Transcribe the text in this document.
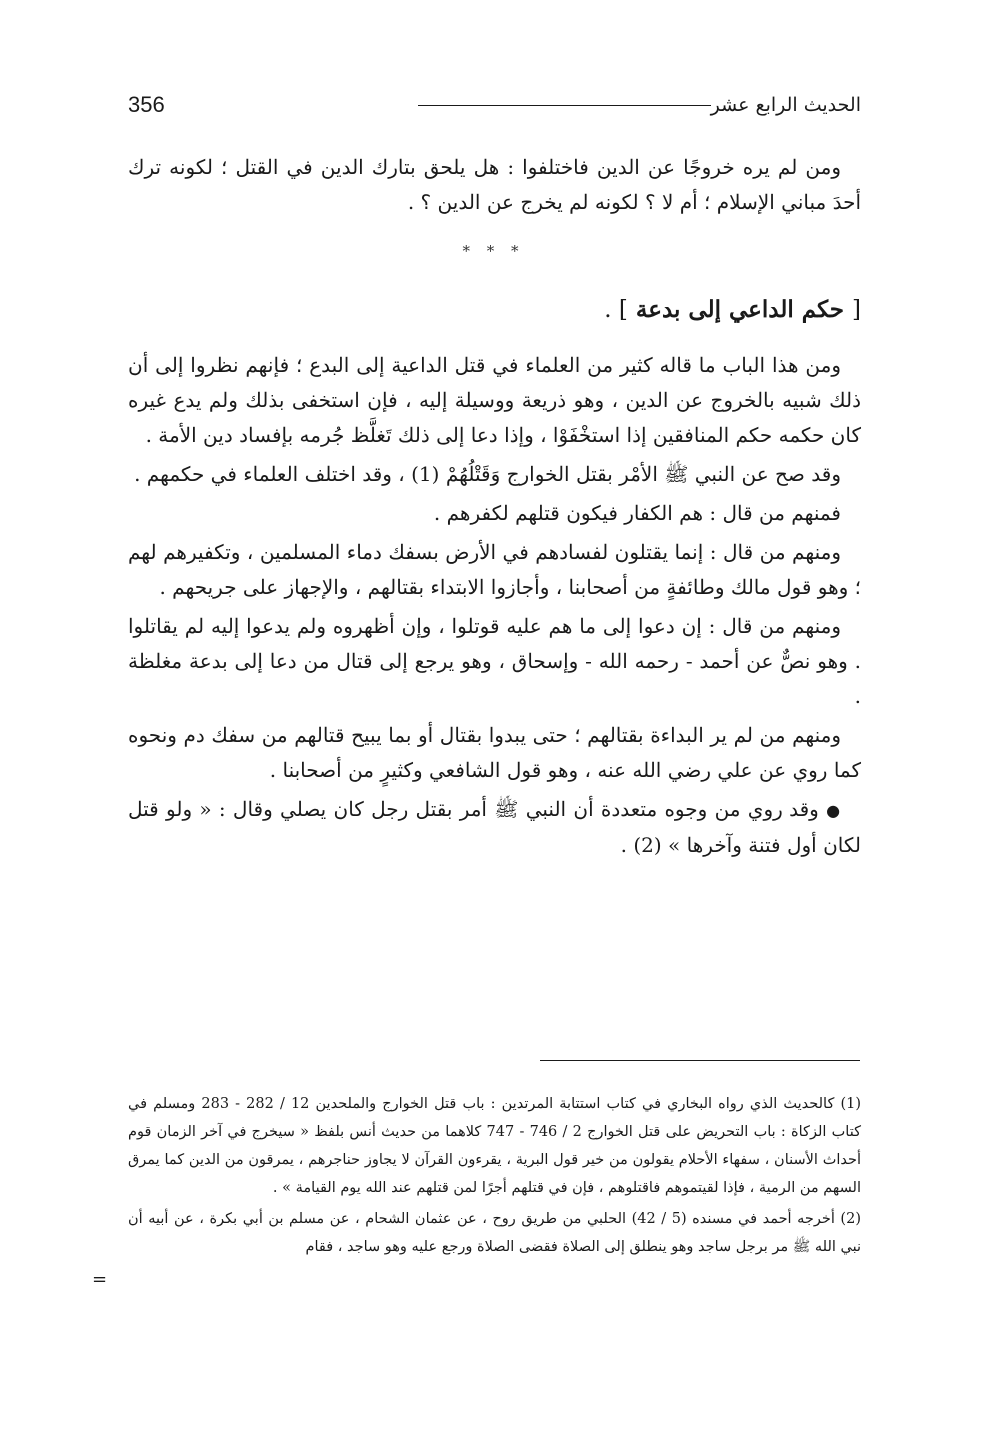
356	الحديث الرابع عشر

ومن لم يره خروجًا عن الدين فاختلفوا : هل يلحق بتارك الدين في القتل ؛ لكونه ترك أحدَ مباني الإسلام ؛ أم لا ؟ لكونه لم يخرج عن الدين ؟ .

* * *
[ حكم الداعي إلى بدعة ] .

ومن هذا الباب ما قاله كثير من العلماء في قتل الداعية إلى البدع ؛ فإنهم نظروا إلى أن ذلك شبيه بالخروج عن الدين ، وهو ذريعة ووسيلة إليه ، فإن استخفى بذلك ولم يدع غيره كان حكمه حكم المنافقين إذا استخْفَوْا ، وإذا دعا إلى ذلك تَغلَّظ جُرمه بإفساد دين الأمة .

وقد صح عن النبي ﷺ الأمْر بقتل الخوارج وَقَتْلُهُمْ (1) ، وقد اختلف العلماء في حكمهم .

فمنهم من قال : هم الكفار فيكون قتلهم لكفرهم .

ومنهم من قال : إنما يقتلون لفسادهم في الأرض بسفك دماء المسلمين ، وتكفيرهم لهم ؛ وهو قول مالك وطائفةٍ من أصحابنا ، وأجازوا الابتداء بقتالهم ، والإجهاز على جريحهم .

ومنهم من قال : إن دعوا إلى ما هم عليه قوتلوا ، وإن أظهروه ولم يدعوا إليه لم يقاتلوا . وهو نصٌّ عن أحمد - رحمه الله - وإسحاق ، وهو يرجع إلى قتال من دعا إلى بدعة مغلظة .

ومنهم من لم ير البداءة بقتالهم ؛ حتى يبدوا بقتال أو بما يبيح قتالهم من سفك دم ونحوه كما روي عن علي رضي الله عنه ، وهو قول الشافعي وكثيرٍ من أصحابنا .

● وقد روي من وجوه متعددة أن النبي ﷺ أمر بقتل رجل كان يصلي وقال : « ولو قتل لكان أول فتنة وآخرها » (2) .

(1) كالحديث الذي رواه البخاري في كتاب استتابة المرتدين : باب قتل الخوارج والملحدين 12 / 282 - 283 ومسلم في كتاب الزكاة : باب التحريض على قتل الخوارج 2 / 746 - 747 كلاهما من حديث أنس بلفظ « سيخرج في آخر الزمان قوم أحداث الأسنان ، سفهاء الأحلام يقولون من خير قول البرية ، يقرءون القرآن لا يجاوز حناجرهم ، يمرقون من الدين كما يمرق السهم من الرمية ، فإذا لقيتموهم فاقتلوهم ، فإن في قتلهم أجرًا لمن قتلهم عند الله يوم القيامة » .

(2) أخرجه أحمد في مسنده (5 / 42) الحلبي من طريق روح ، عن عثمان الشحام ، عن مسلم بن أبي بكرة ، عن أبيه أن نبي الله ﷺ مر برجل ساجد وهو ينطلق إلى الصلاة فقضى الصلاة ورجع عليه وهو ساجد ، فقام

=
